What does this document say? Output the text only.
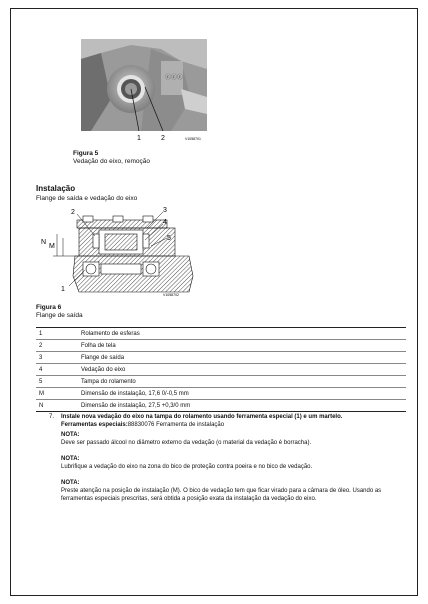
ⓒⓒⓒ
1	2	V1058701
Figura 5
Vedação do eixo, remoção
Instalação
Flange de saída e vedação do eixo
2	3
4
5
N
M
1
V1058702
Figura 6
Flange de saída
1	Rolamento de esferas
2	Folha de tela
3	Flange de saída
4	Vedação do eixo
5	Tampa do rolamento
M	Dimensão de instalação, 17,6 0/-0,5 mm
N	Dimensão de instalação, 27,5 +0,3/0 mm
7. Instale nova vedação do eixo na tampa do rolamento usando ferramenta especial (1) e um martelo.
Ferramentas especiais:88830076 Ferramenta de instalação
NOTA:
Deve ser passado álcool no diâmetro externo da vedação (o material da vedação é borracha).
NOTA:
Lubrifique a vedação do eixo na zona do bico de proteção contra poeira e no bico de vedação.
NOTA:
Preste atenção na posição de instalação (M). O bico de vedação tem que ficar virado para a câmara de óleo. Usando as ferramentas especiais prescritas, será obtida a posição exata da instalação da vedação do eixo.
